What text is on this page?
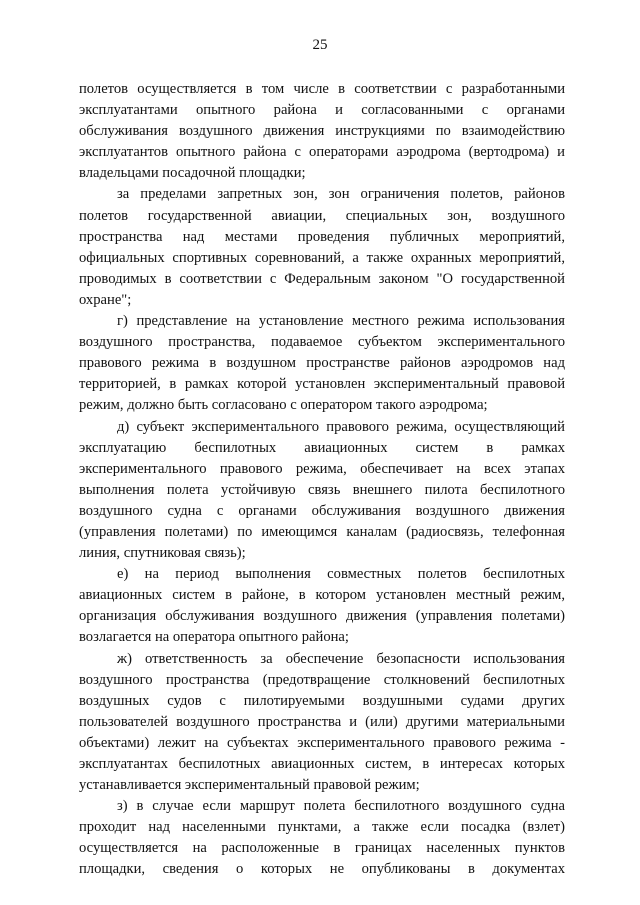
25

полетов осуществляется в том числе в соответствии с разработанными эксплуатантами опытного района и согласованными с органами обслуживания воздушного движения инструкциями по взаимодействию эксплуатантов опытного района с операторами аэродрома (вертодрома) и владельцами посадочной площадки;

за пределами запретных зон, зон ограничения полетов, районов полетов государственной авиации, специальных зон, воздушного пространства над местами проведения публичных мероприятий, официальных спортивных соревнований, а также охранных мероприятий, проводимых в соответствии с Федеральным законом "О государственной охране";

г) представление на установление местного режима использования воздушного пространства, подаваемое субъектом экспериментального правового режима в воздушном пространстве районов аэродромов над территорией, в рамках которой установлен экспериментальный правовой режим, должно быть согласовано с оператором такого аэродрома;

д) субъект экспериментального правового режима, осуществляющий эксплуатацию беспилотных авиационных систем в рамках экспериментального правового режима, обеспечивает на всех этапах выполнения полета устойчивую связь внешнего пилота беспилотного воздушного судна с органами обслуживания воздушного движения (управления полетами) по имеющимся каналам (радиосвязь, телефонная линия, спутниковая связь);

е) на период выполнения совместных полетов беспилотных авиационных систем в районе, в котором установлен местный режим, организация обслуживания воздушного движения (управления полетами) возлагается на оператора опытного района;

ж) ответственность за обеспечение безопасности использования воздушного пространства (предотвращение столкновений беспилотных воздушных судов с пилотируемыми воздушными судами других пользователей воздушного пространства и (или) другими материальными объектами) лежит на субъектах экспериментального правового режима - эксплуатантах беспилотных авиационных систем, в интересах которых устанавливается экспериментальный правовой режим;

з) в случае если маршрут полета беспилотного воздушного судна проходит над населенными пунктами, а также если посадка (взлет) осуществляется на расположенные в границах населенных пунктов площадки, сведения о которых не опубликованы в документах
